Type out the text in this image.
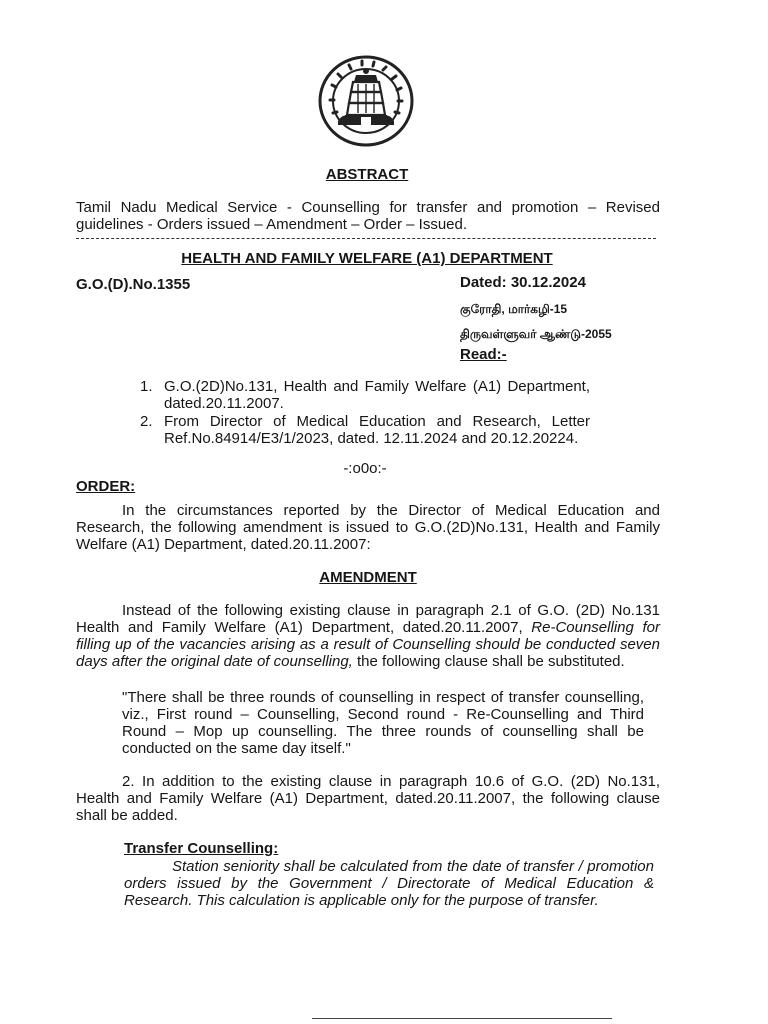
ABSTRACT
Tamil Nadu Medical Service - Counselling for transfer and promotion – Revised guidelines - Orders issued – Amendment – Order – Issued.
HEALTH AND FAMILY WELFARE (A1) DEPARTMENT
G.O.(D).No.1355	Dated: 30.12.2024
குரோதி, மார்கழி-15
திருவள்ளுவர் ஆண்டு-2055
Read:-
1. G.O.(2D)No.131, Health and Family Welfare (A1) Department, dated.20.11.2007.
2. From Director of Medical Education and Research, Letter Ref.No.84914/E3/1/2023, dated. 12.11.2024 and 20.12.20224.
-:o0o:-
ORDER:
In the circumstances reported by the Director of Medical Education and Research, the following amendment is issued to G.O.(2D)No.131, Health and Family Welfare (A1) Department, dated.20.11.2007:
AMENDMENT
Instead of the following existing clause in paragraph 2.1 of G.O. (2D) No.131 Health and Family Welfare (A1) Department, dated.20.11.2007, Re-Counselling for filling up of the vacancies arising as a result of Counselling should be conducted seven days after the original date of counselling, the following clause shall be substituted.
"There shall be three rounds of counselling in respect of transfer counselling, viz., First round – Counselling, Second round - Re-Counselling and Third Round – Mop up counselling. The three rounds of counselling shall be conducted on the same day itself."
2. In addition to the existing clause in paragraph 10.6 of G.O. (2D) No.131, Health and Family Welfare (A1) Department, dated.20.11.2007, the following clause shall be added.
Transfer Counselling:
Station seniority shall be calculated from the date of transfer / promotion orders issued by the Government / Directorate of Medical Education & Research. This calculation is applicable only for the purpose of transfer.
